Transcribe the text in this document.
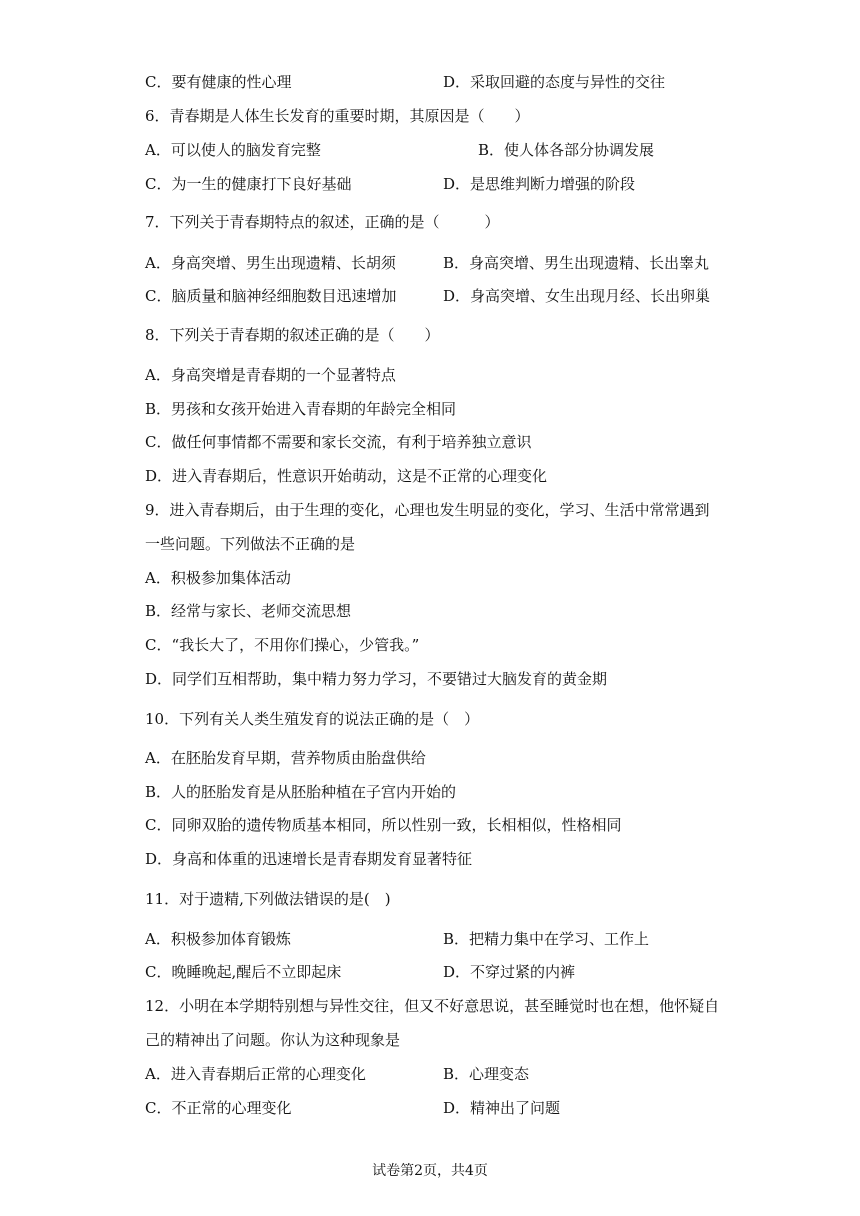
C．要有健康的性心理	D．采取回避的态度与异性的交往
6．青春期是人体生长发育的重要时期，其原因是（　　）
A．可以使人的脑发育完整	B．使人体各部分协调发展
C．为一生的健康打下良好基础	D．是思维判断力增强的阶段
7．下列关于青春期特点的叙述，正确的是（　　　）
A．身高突增、男生出现遗精、长胡须	B．身高突增、男生出现遗精、长出睾丸
C．脑质量和脑神经细胞数目迅速增加	D．身高突增、女生出现月经、长出卵巢
8．下列关于青春期的叙述正确的是（　　）
A．身高突增是青春期的一个显著特点
B．男孩和女孩开始进入青春期的年龄完全相同
C．做任何事情都不需要和家长交流，有利于培养独立意识
D．进入青春期后，性意识开始萌动，这是不正常的心理变化
9．进入青春期后，由于生理的变化，心理也发生明显的变化，学习、生活中常常遇到
一些问题。下列做法不正确的是
A．积极参加集体活动
B．经常与家长、老师交流思想
C．“我长大了，不用你们操心，少管我。”
D．同学们互相帮助，集中精力努力学习，不要错过大脑发育的黄金期
10．下列有关人类生殖发育的说法正确的是（　）
A．在胚胎发育早期，营养物质由胎盘供给
B．人的胚胎发育是从胚胎种植在子宫内开始的
C．同卵双胎的遗传物质基本相同，所以性别一致，长相相似，性格相同
D．身高和体重的迅速增长是青春期发育显著特征
11．对于遗精,下列做法错误的是(　)
A．积极参加体育锻炼	B．把精力集中在学习、工作上
C．晚睡晚起,醒后不立即起床	D．不穿过紧的内裤
12．小明在本学期特别想与异性交往，但又不好意思说，甚至睡觉时也在想，他怀疑自
己的精神出了问题。你认为这种现象是
A．进入青春期后正常的心理变化	B．心理变态
C．不正常的心理变化	D．精神出了问题
试卷第2页，共4页
